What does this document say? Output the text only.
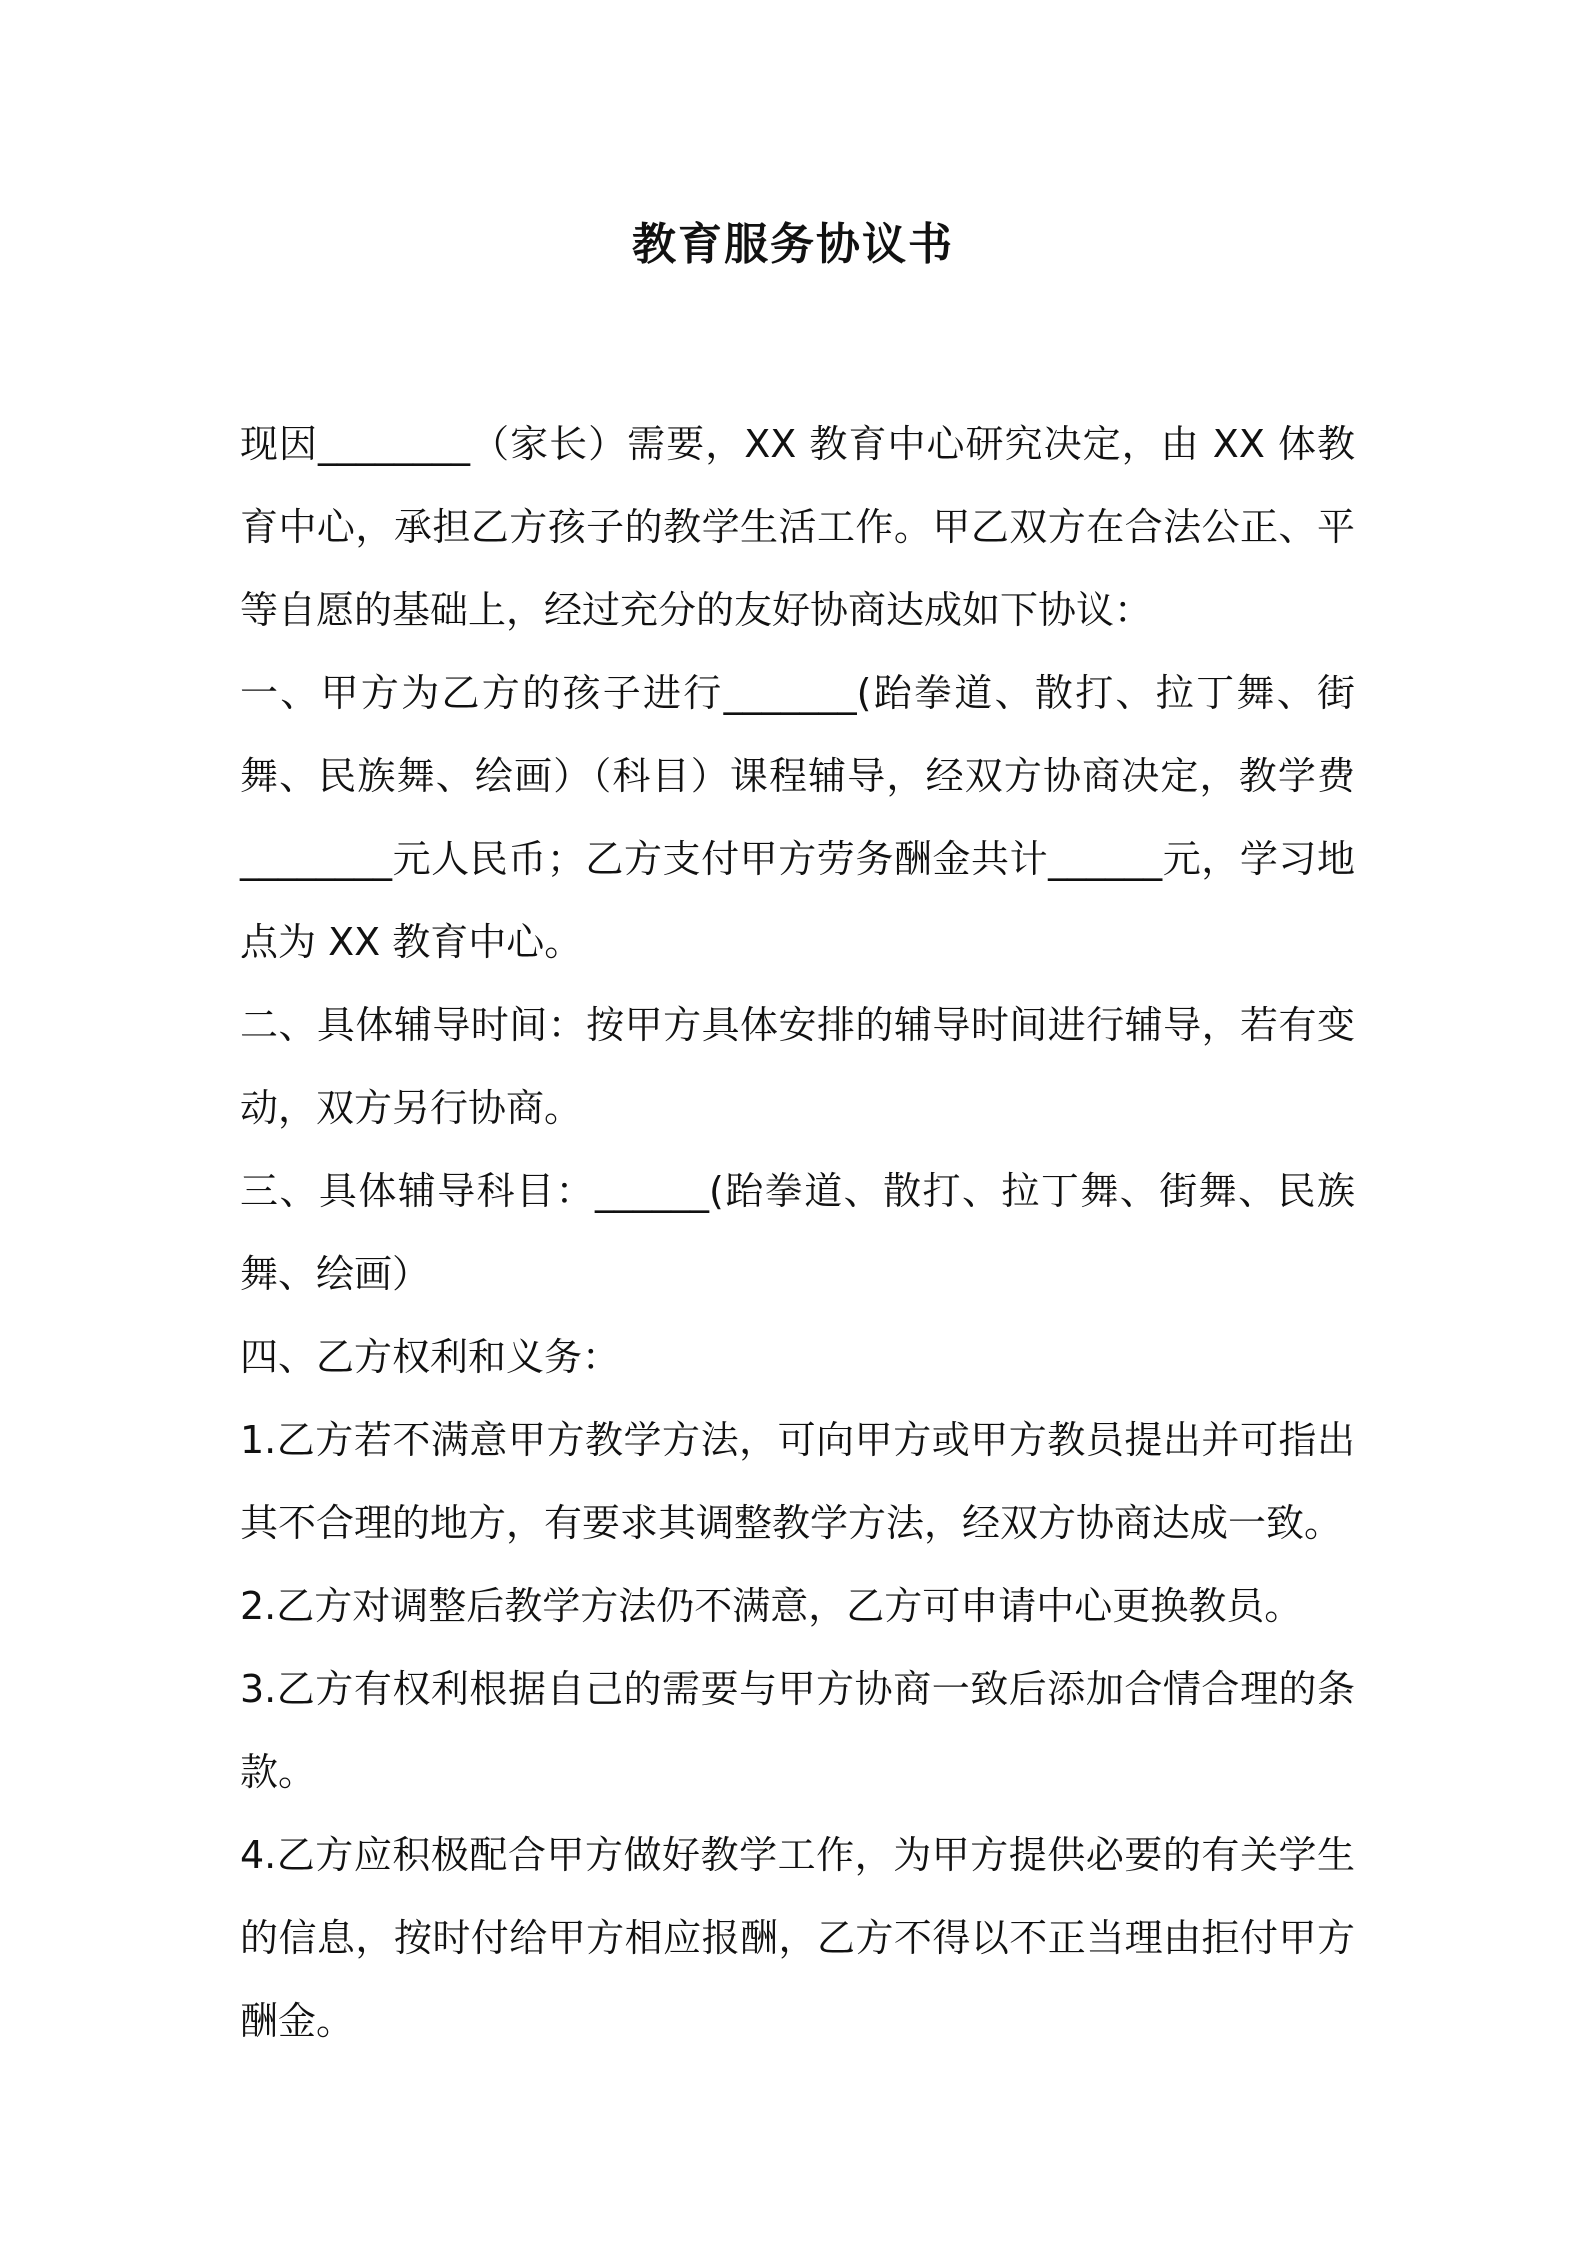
教育服务协议书

现因________（家长）需要，XX 教育中心研究决定，由 XX 体教育中心，承担乙方孩子的教学生活工作。甲乙双方在合法公正、平等自愿的基础上，经过充分的友好协商达成如下协议：

一、甲方为乙方的孩子进行_______(跆拳道、散打、拉丁舞、街舞、民族舞、绘画）（科目）课程辅导，经双方协商决定，教学费________元人民币；乙方支付甲方劳务酬金共计______元，学习地点为 XX 教育中心。

二、具体辅导时间：按甲方具体安排的辅导时间进行辅导，若有变动，双方另行协商。

三、具体辅导科目：______(跆拳道、散打、拉丁舞、街舞、民族舞、绘画）

四、乙方权利和义务：

1.乙方若不满意甲方教学方法，可向甲方或甲方教员提出并可指出其不合理的地方，有要求其调整教学方法，经双方协商达成一致。

2.乙方对调整后教学方法仍不满意，乙方可申请中心更换教员。

3.乙方有权利根据自己的需要与甲方协商一致后添加合情合理的条款。

4.乙方应积极配合甲方做好教学工作，为甲方提供必要的有关学生的信息，按时付给甲方相应报酬，乙方不得以不正当理由拒付甲方酬金。
